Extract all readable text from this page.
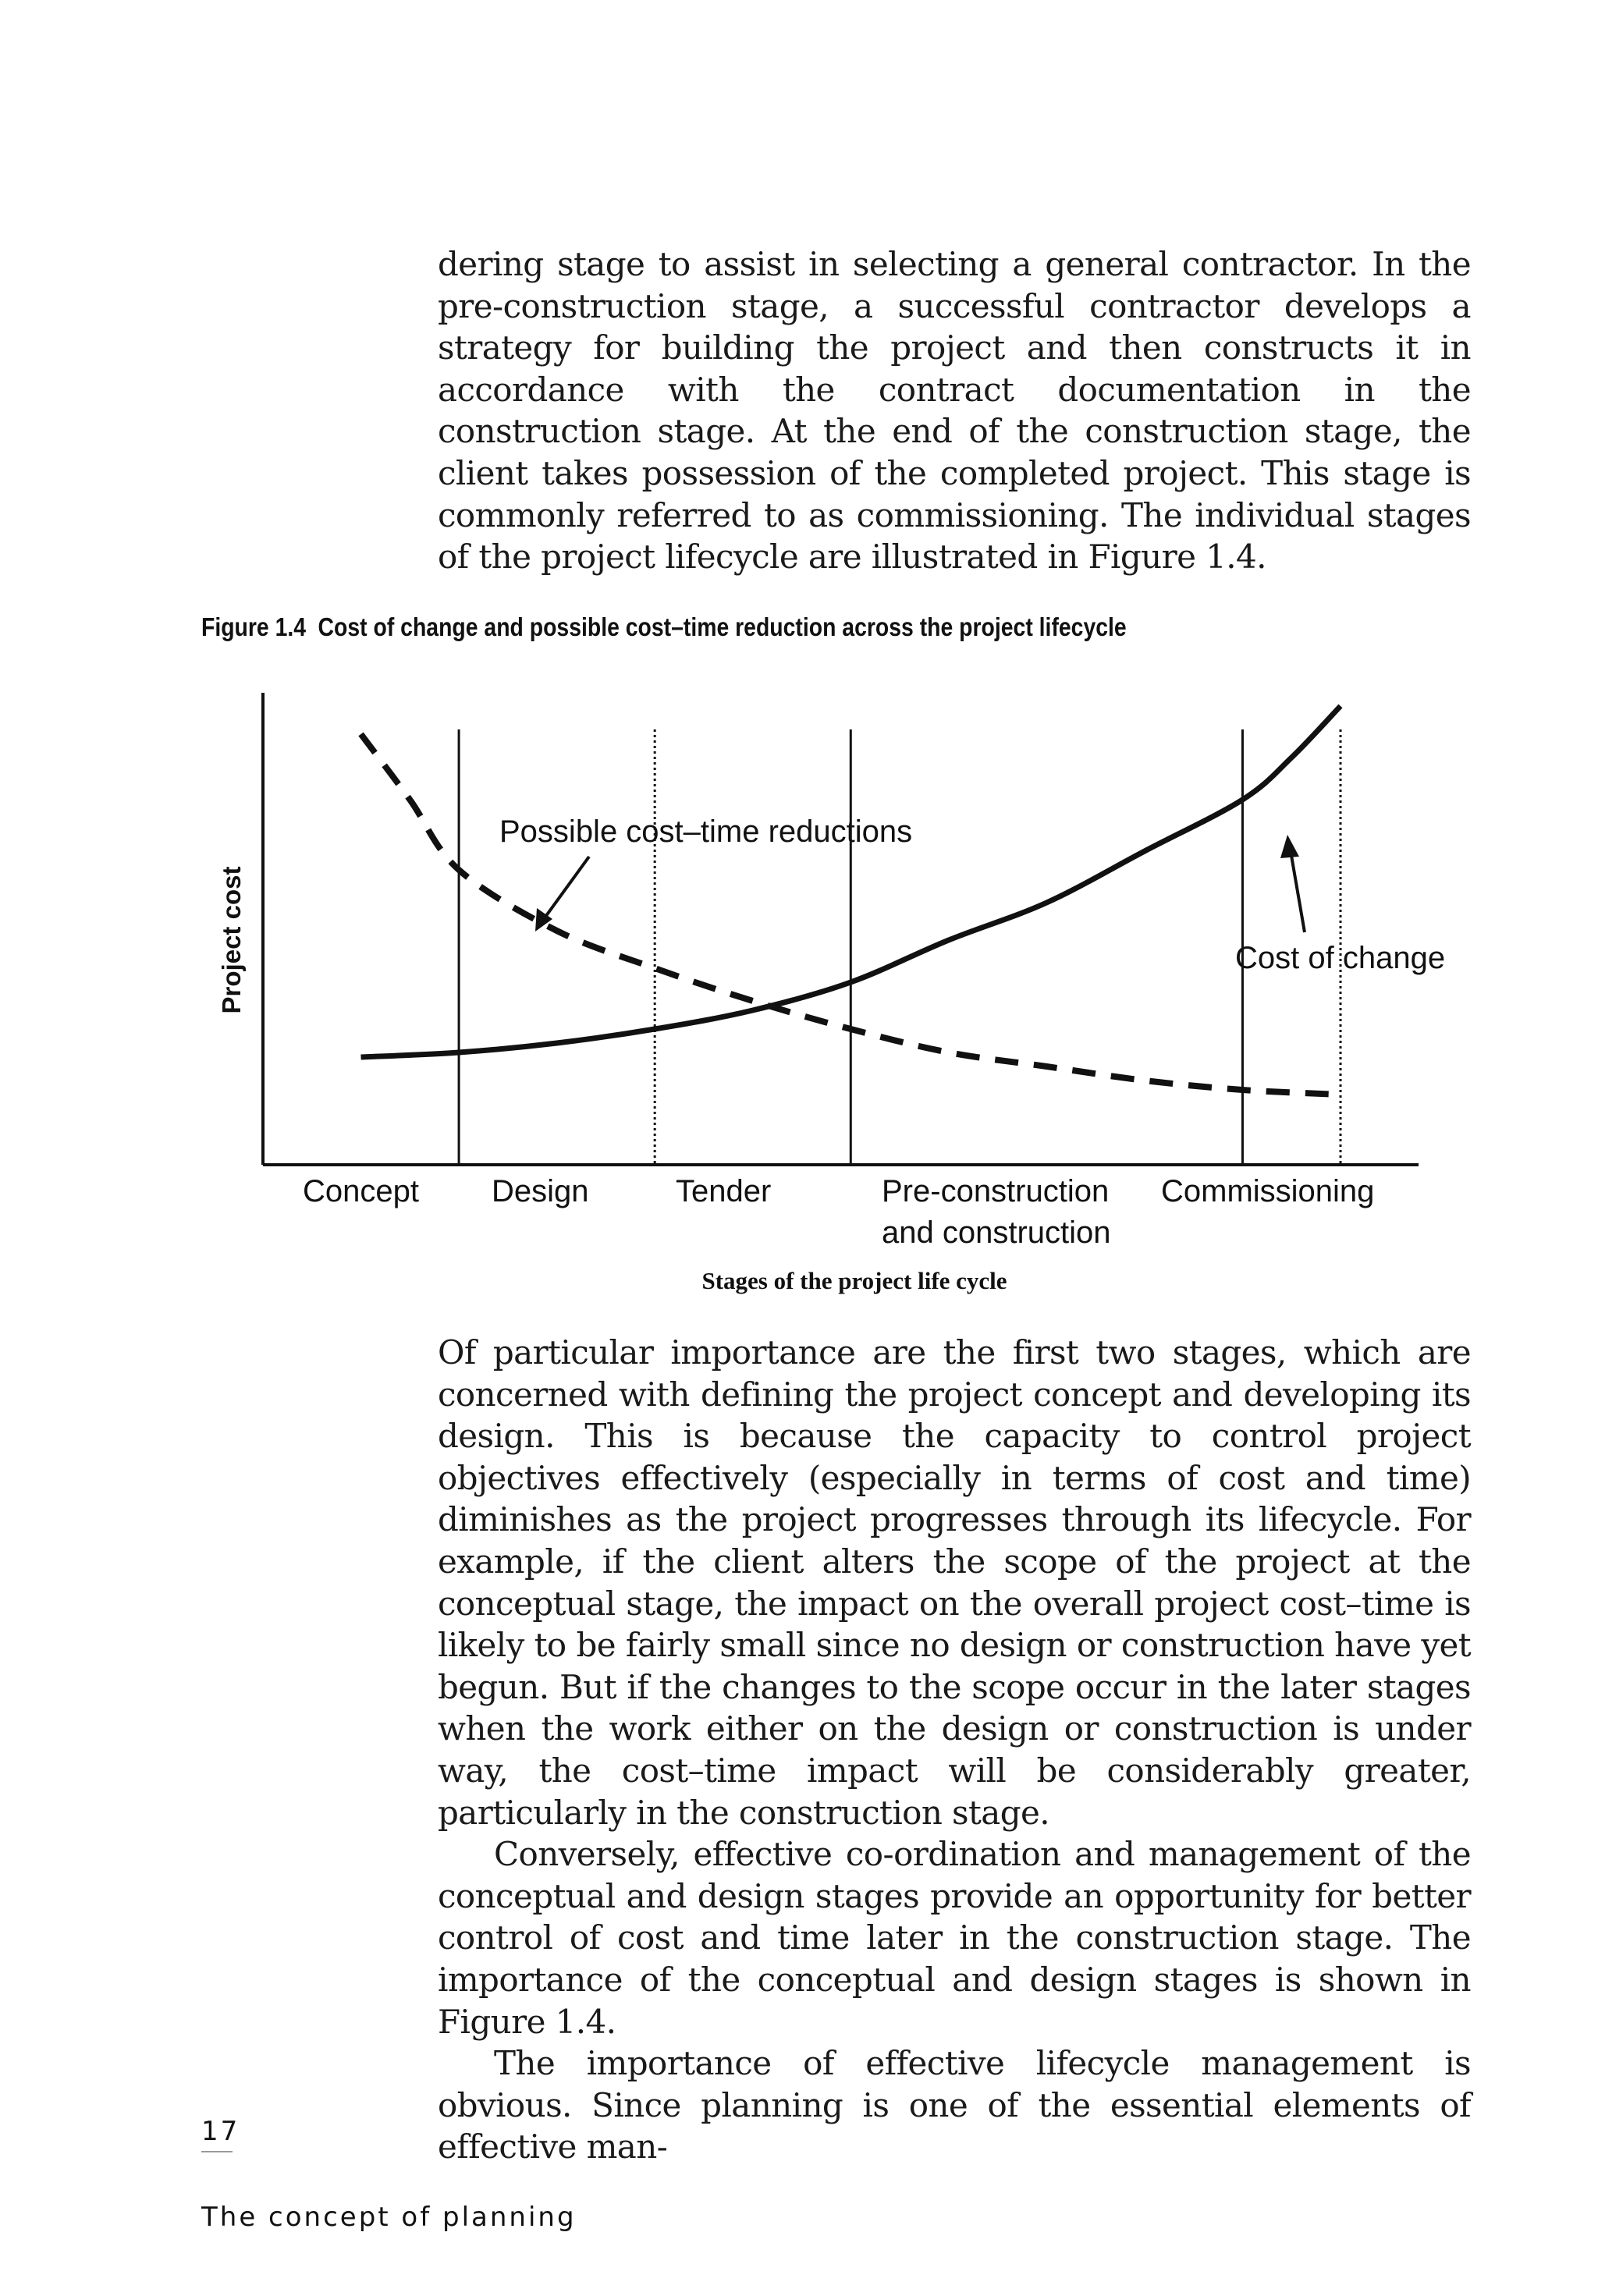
dering stage to assist in selecting a general contractor. In the pre-construction stage, a successful contractor develops a strategy for building the project and then constructs it in accordance with the contract documentation in the construction stage. At the end of the construction stage, the client takes possession of the completed project. This stage is commonly referred to as commissioning. The individual stages of the project lifecycle are illustrated in Figure 1.4.

Figure 1.4 Cost of change and possible cost–time reduction across the project lifecycle
Project cost
Stages of the project life cycle
Concept Design	Tender	Pre-construction
and construction
Commissioning
Possible cost–time reductions
Cost of change

Of particular importance are the first two stages, which are concerned with defining the project concept and developing its design. This is because the capacity to control project objectives effectively (especially in terms of cost and time) diminishes as the project progresses through its lifecycle. For example, if the client alters the scope of the project at the conceptual stage, the impact on the overall project cost–time is likely to be fairly small since no design or construction have yet begun. But if the changes to the scope occur in the later stages when the work either on the design or construction is under way, the cost–time impact will be considerably greater, particularly in the construction stage.

Conversely, effective co-ordination and management of the conceptual and design stages provide an opportunity for better control of cost and time later in the construction stage. The importance of the conceptual and design stages is shown in Figure 1.4.

The importance of effective lifecycle management is obvious. Since planning is one of the essential elements of effective man-

17
The concept of planning
